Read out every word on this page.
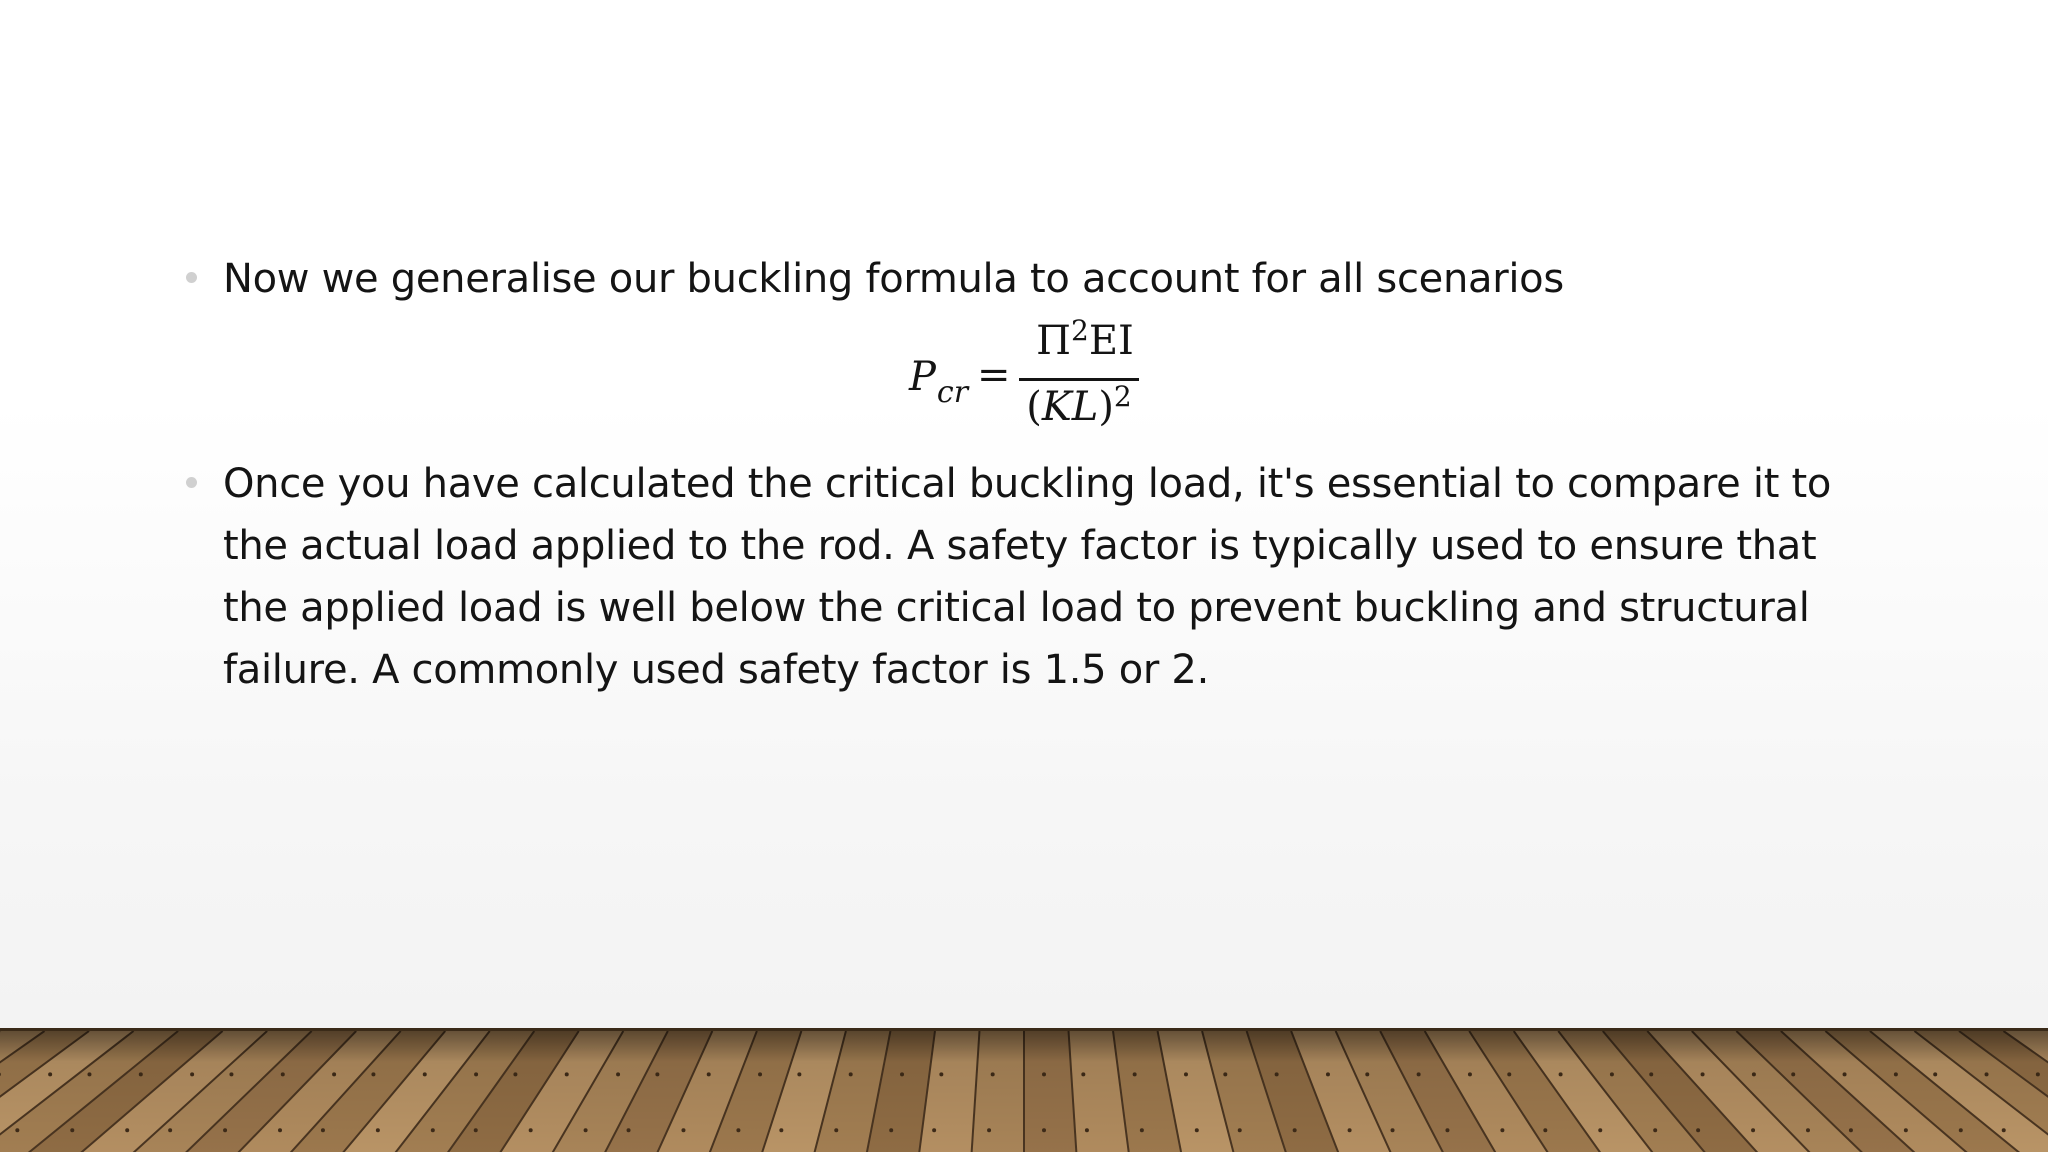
Now we generalise our buckling formula to account for all scenarios
$P_{cr}$ =
$\Pi^2EI$
(KL)$^2$
Once you have calculated the critical buckling load, it's essential to compare it to the actual load applied to the rod. A safety factor is typically used to ensure that the applied load is well below the critical load to prevent buckling and structural failure. A commonly used safety factor is 1.5 or 2.
